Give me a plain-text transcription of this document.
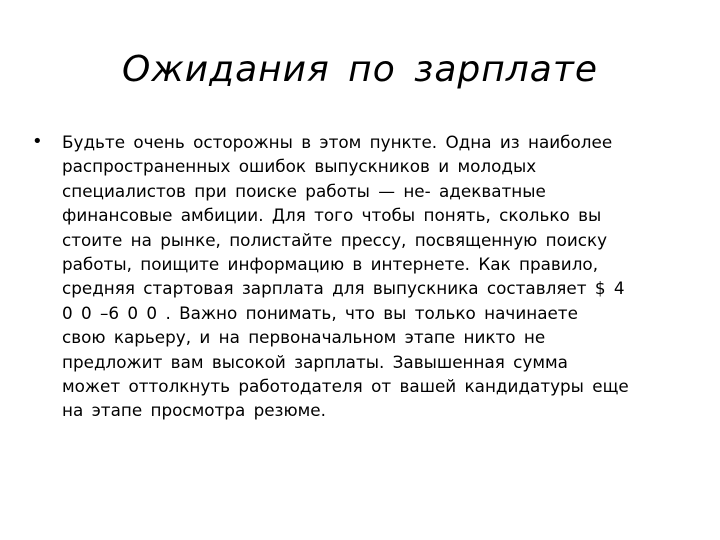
Ожидания по зарплате
• Будьте очень осторожны в этом пункте. Одна из наиболее
распространенных ошибок выпускников и молодых
специалистов при поиске работы — не- адекватные
финансовые амбиции. Для того чтобы понять, сколько вы
стоите на рынке, полистайте прессу, посвященную поиску
работы, поищите информацию в интернете. Как правило,
средняя стартовая зарплата для выпускника составляет $ 4
0 0 –6 0 0 . Важно понимать, что вы только начинаете
свою карьеру, и на первоначальном этапе никто не
предложит вам высокой зарплаты. Завышенная сумма
может оттолкнуть работодателя от вашей кандидатуры еще
на этапе просмотра резюме.
